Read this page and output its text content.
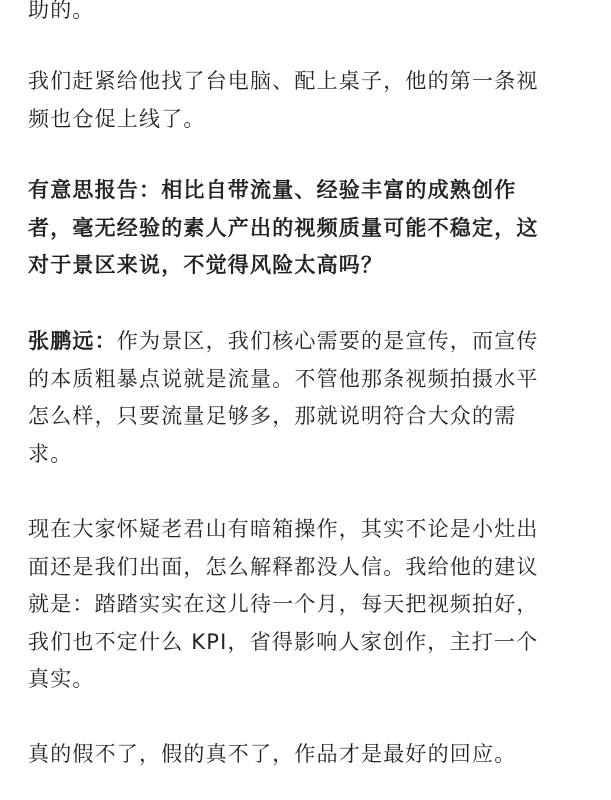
助的。

我们赶紧给他找了台电脑、配上桌子，他的第一条视
频也仓促上线了。

有意思报告：相比自带流量、经验丰富的成熟创作
者，毫无经验的素人产出的视频质量可能不稳定，这
对于景区来说，不觉得风险太高吗？

张鹏远：作为景区，我们核心需要的是宣传，而宣传
的本质粗暴点说就是流量。不管他那条视频拍摄水平
怎么样，只要流量足够多，那就说明符合大众的需
求。

现在大家怀疑老君山有暗箱操作，其实不论是小灶出
面还是我们出面，怎么解释都没人信。我给他的建议
就是：踏踏实实在这儿待一个月，每天把视频拍好，
我们也不定什么 KPI，省得影响人家创作，主打一个
真实。

真的假不了，假的真不了，作品才是最好的回应。
